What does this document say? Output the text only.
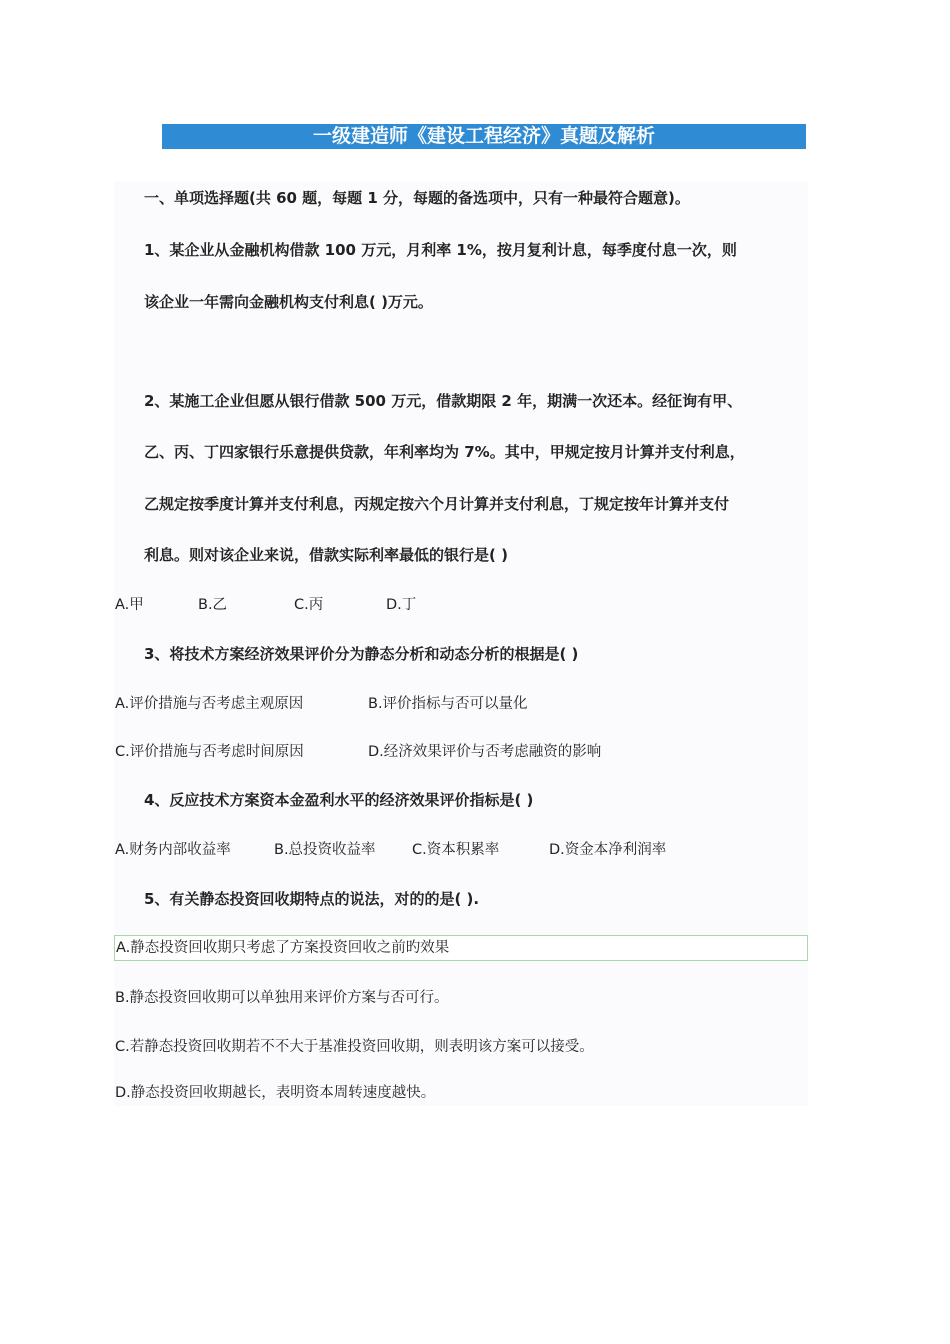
一级建造师《建设工程经济》真题及解析
一、单项选择题(共 60 题，每题 1 分，每题的备选项中，只有一种最符合题意)。
1、某企业从金融机构借款 100 万元，月利率 1%，按月复利计息，每季度付息一次，则
该企业一年需向金融机构支付利息( )万元。
2、某施工企业但愿从银行借款 500 万元，借款期限 2 年，期满一次还本。经征询有甲、
乙、丙、丁四家银行乐意提供贷款，年利率均为 7%。其中，甲规定按月计算并支付利息，
乙规定按季度计算并支付利息，丙规定按六个月计算并支付利息，丁规定按年计算并支付
利息。则对该企业来说，借款实际利率最低的银行是( )
A.甲	B.乙	C.丙	D.丁
3、将技术方案经济效果评价分为静态分析和动态分析的根据是( )
A.评价措施与否考虑主观原因	B.评价指标与否可以量化
C.评价措施与否考虑时间原因	D.经济效果评价与否考虑融资的影响
4、反应技术方案资本金盈利水平的经济效果评价指标是( )
A.财务内部收益率	B.总投资收益率	C.资本积累率	D.资金本净利润率
5、有关静态投资回收期特点的说法，对的的是( ).
A.静态投资回收期只考虑了方案投资回收之前旳效果
B.静态投资回收期可以单独用来评价方案与否可行。
C.若静态投资回收期若不不大于基准投资回收期，则表明该方案可以接受。
D.静态投资回收期越长，表明资本周转速度越快。
